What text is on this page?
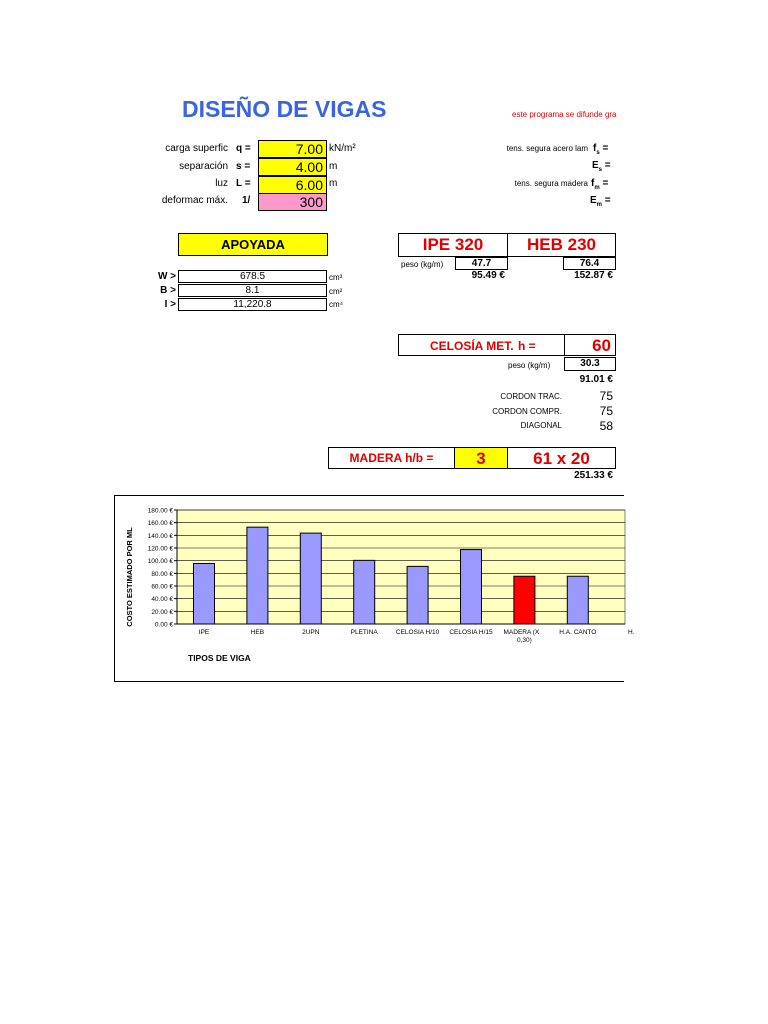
DISEÑO DE VIGAS	este programa se difunde gra
carga superfic q =	7.00 kN/m²
separación s =	4.00 m
luz L =	6.00 m
deformac máx. 1/	300
tens. segura acero lam $f_s$ =
$E_s$ =
tens. segura madera $f_m$ =
$E_m$ =
APOYADA
W >	678.5	cm³
B >	8.1	cm²
I >	11,220.8	cm⁴
IPE 320	HEB 230
peso (kg/m)	47.7	76.4
95.49 €	152.87 €
CELOSÍA MET. h =	60
peso (kg/m)	30.3
91.01 €
CORDON TRAC.	75
CORDON COMPR.	75
DIAGONAL	58
MADERA h/b =	3	61 x 20
251.33 €
0.00 €
20.00 €
40.00 €
60.00 €
80.00 €
100.00 €
120.00 €
140.00 €
160.00 €
180.00 €
IPE	HEB	2UPN	PLETINA	CELOSIA H/10 CELOSIA H/15 MADERA (X
0,30)
H.A. CANTO	H.
COSTO ESTIMADO POR ML
TIPOS DE VIGA
